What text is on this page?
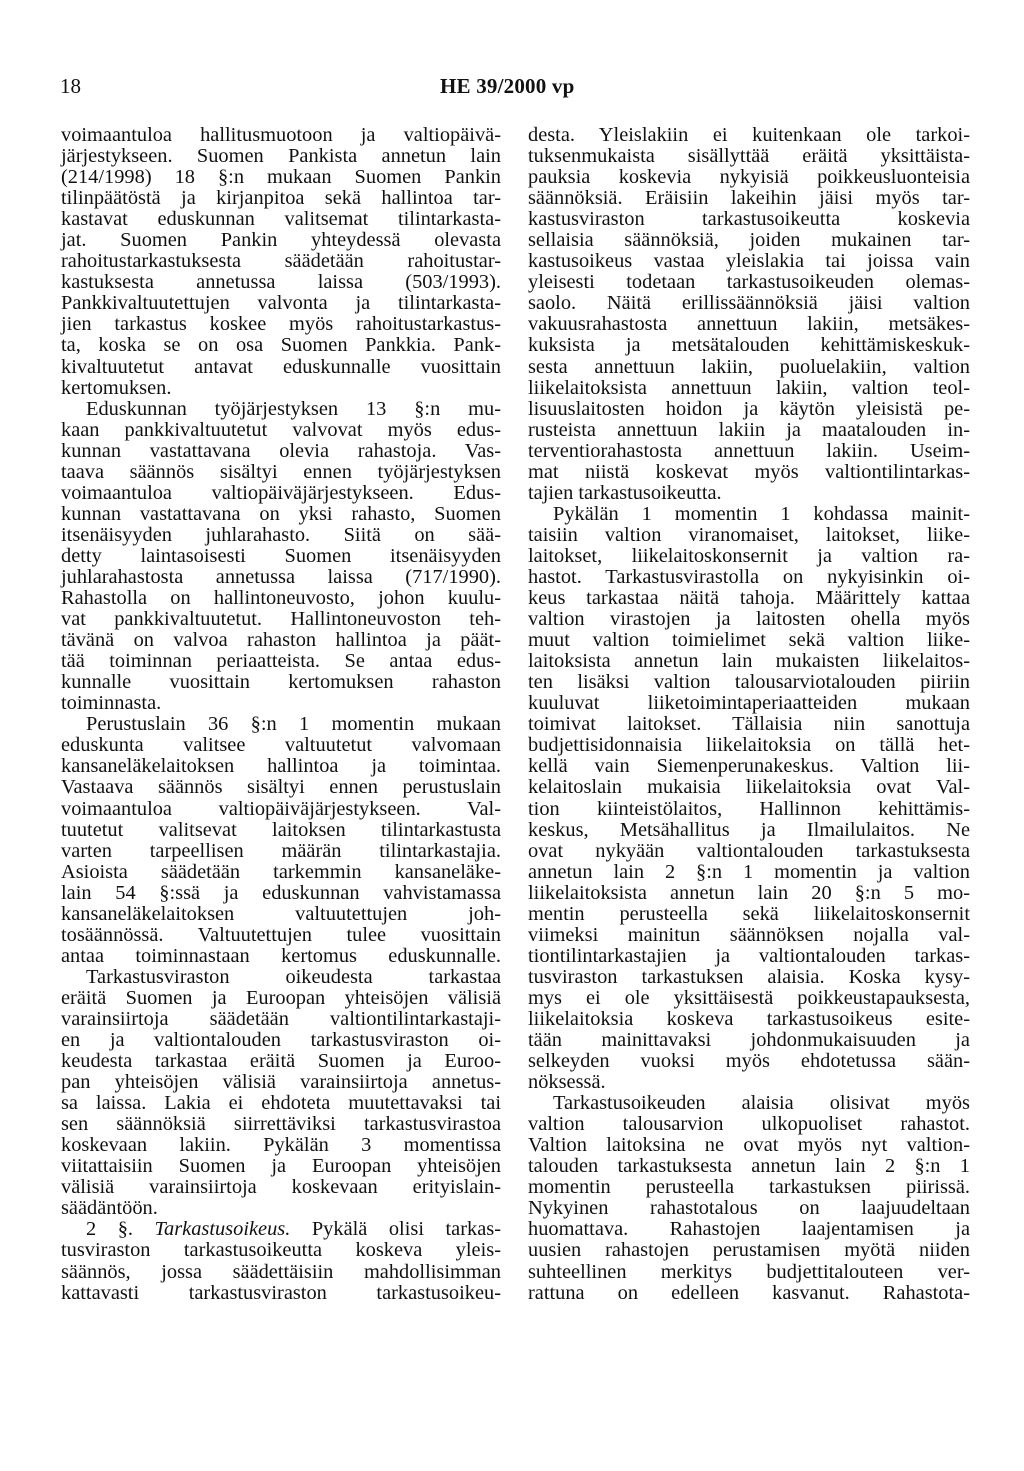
18	HE 39/2000 vp
voimaantuloa hallitusmuotoon ja valtiopäivä-
järjestykseen. Suomen Pankista annetun lain
(214/1998) 18 §:n mukaan Suomen Pankin
tilinpäätöstä ja kirjanpitoa sekä hallintoa tar-
kastavat eduskunnan valitsemat tilintarkasta-
jat. Suomen Pankin yhteydessä olevasta
rahoitustarkastuksesta säädetään rahoitustar-
kastuksesta annetussa laissa (503/1993).
Pankkivaltuutettujen valvonta ja tilintarkasta-
jien tarkastus koskee myös rahoitustarkastus-
ta, koska se on osa Suomen Pankkia. Pank-
kivaltuutetut antavat eduskunnalle vuosittain
kertomuksen.
Eduskunnan työjärjestyksen 13 §:n mu-
kaan pankkivaltuutetut valvovat myös edus-
kunnan vastattavana olevia rahastoja. Vas-
taava säännös sisältyi ennen työjärjestyksen
voimaantuloa valtiopäiväjärjestykseen. Edus-
kunnan vastattavana on yksi rahasto, Suomen
itsenäisyyden juhlarahasto. Siitä on sää-
detty laintasoisesti Suomen itsenäisyyden
juhlarahastosta annetussa laissa (717/1990).
Rahastolla on hallintoneuvosto, johon kuulu-
vat pankkivaltuutetut. Hallintoneuvoston teh-
tävänä on valvoa rahaston hallintoa ja päät-
tää toiminnan periaatteista. Se antaa edus-
kunnalle vuosittain kertomuksen rahaston
toiminnasta.
Perustuslain 36 §:n 1 momentin mukaan
eduskunta valitsee valtuutetut valvomaan
kansaneläkelaitoksen hallintoa ja toimintaa.
Vastaava säännös sisältyi ennen perustuslain
voimaantuloa valtiopäiväjärjestykseen. Val-
tuutetut valitsevat laitoksen tilintarkastusta
varten tarpeellisen määrän tilintarkastajia.
Asioista säädetään tarkemmin kansaneläke-
lain 54 §:ssä ja eduskunnan vahvistamassa
kansaneläkelaitoksen valtuutettujen joh-
tosäännössä. Valtuutettujen tulee vuosittain
antaa toiminnastaan kertomus eduskunnalle.
Tarkastusviraston oikeudesta tarkastaa
eräitä Suomen ja Euroopan yhteisöjen välisiä
varainsiirtoja säädetään valtiontilintarkastaji-
en ja valtiontalouden tarkastusviraston oi-
keudesta tarkastaa eräitä Suomen ja Euroo-
pan yhteisöjen välisiä varainsiirtoja annetus-
sa laissa. Lakia ei ehdoteta muutettavaksi tai
sen säännöksiä siirrettäviksi tarkastusvirastoa
koskevaan lakiin. Pykälän 3 momentissa
viitattaisiin Suomen ja Euroopan yhteisöjen
välisiä varainsiirtoja koskevaan erityislain-
säädäntöön.
2 §. Tarkastusoikeus. Pykälä olisi tarkas-
tusviraston tarkastusoikeutta koskeva yleis-
säännös, jossa säädettäisiin mahdollisimman
kattavasti tarkastusviraston tarkastusoikeu-
desta. Yleislakiin ei kuitenkaan ole tarkoi-
tuksenmukaista sisällyttää eräitä yksittäista-
pauksia koskevia nykyisiä poikkeusluonteisia
säännöksiä. Eräisiin lakeihin jäisi myös tar-
kastusviraston tarkastusoikeutta koskevia
sellaisia säännöksiä, joiden mukainen tar-
kastusoikeus vastaa yleislakia tai joissa vain
yleisesti todetaan tarkastusoikeuden olemas-
saolo. Näitä erillissäännöksiä jäisi valtion
vakuusrahastosta annettuun lakiin, metsäkes-
kuksista ja metsätalouden kehittämiskeskuk-
sesta annettuun lakiin, puoluelakiin, valtion
liikelaitoksista annettuun lakiin, valtion teol-
lisuuslaitosten hoidon ja käytön yleisistä pe-
rusteista annettuun lakiin ja maatalouden in-
terventiorahastosta annettuun lakiin. Useim-
mat niistä koskevat myös valtiontilintarkas-
tajien tarkastusoikeutta.
Pykälän 1 momentin 1 kohdassa mainit-
taisiin valtion viranomaiset, laitokset, liike-
laitokset, liikelaitoskonsernit ja valtion ra-
hastot. Tarkastusvirastolla on nykyisinkin oi-
keus tarkastaa näitä tahoja. Määrittely kattaa
valtion virastojen ja laitosten ohella myös
muut valtion toimielimet sekä valtion liike-
laitoksista annetun lain mukaisten liikelaitos-
ten lisäksi valtion talousarviotalouden piiriin
kuuluvat liiketoimintaperiaatteiden mukaan
toimivat laitokset. Tällaisia niin sanottuja
budjettisidonnaisia liikelaitoksia on tällä het-
kellä vain Siemenperunakeskus. Valtion lii-
kelaitoslain mukaisia liikelaitoksia ovat Val-
tion kiinteistölaitos, Hallinnon kehittämis-
keskus, Metsähallitus ja Ilmailulaitos. Ne
ovat nykyään valtiontalouden tarkastuksesta
annetun lain 2 §:n 1 momentin ja valtion
liikelaitoksista annetun lain 20 §:n 5 mo-
mentin perusteella sekä liikelaitoskonsernit
viimeksi mainitun säännöksen nojalla val-
tiontilintarkastajien ja valtiontalouden tarkas-
tusviraston tarkastuksen alaisia. Koska kysy-
mys ei ole yksittäisestä poikkeustapauksesta,
liikelaitoksia koskeva tarkastusoikeus esite-
tään mainittavaksi johdonmukaisuuden ja
selkeyden vuoksi myös ehdotetussa sään-
nöksessä.
Tarkastusoikeuden alaisia olisivat myös
valtion talousarvion ulkopuoliset rahastot.
Valtion laitoksina ne ovat myös nyt valtion-
talouden tarkastuksesta annetun lain 2 §:n 1
momentin perusteella tarkastuksen piirissä.
Nykyinen rahastotalous on laajuudeltaan
huomattava. Rahastojen laajentamisen ja
uusien rahastojen perustamisen myötä niiden
suhteellinen merkitys budjettitalouteen ver-
rattuna on edelleen kasvanut. Rahastota-
